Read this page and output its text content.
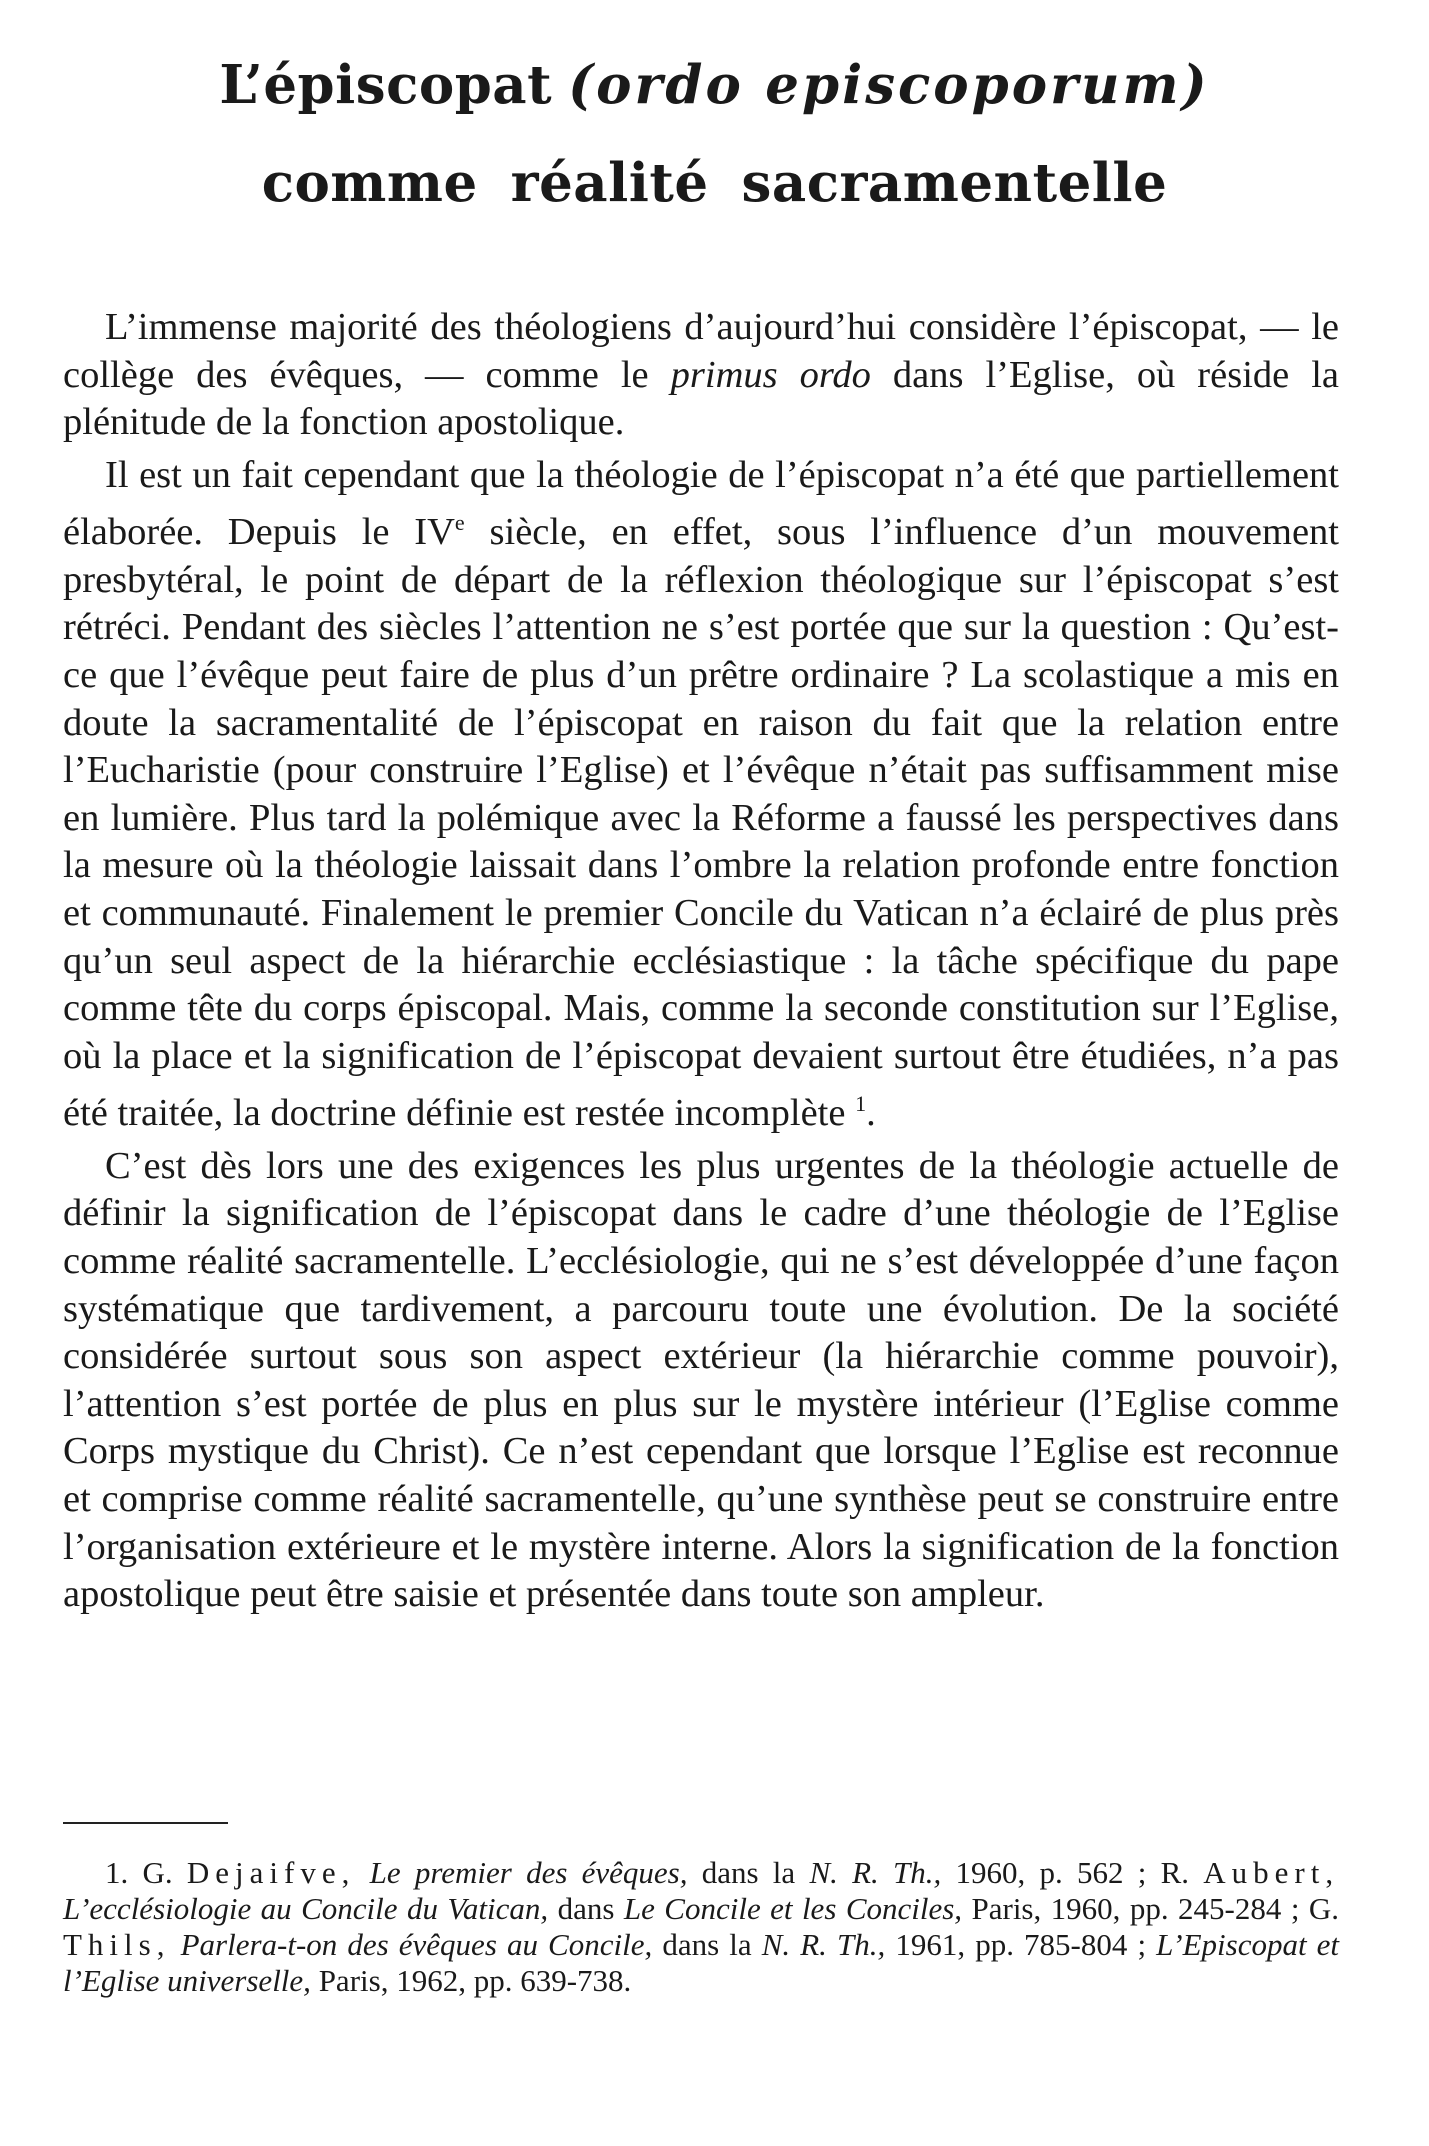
L’épiscopat (ordo episcoporum)
comme réalité sacramentelle

L’immense majorité des théologiens d’aujourd’hui considère l’épiscopat, — le collège des évêques, — comme le primus ordo dans l’Eglise, où réside la plénitude de la fonction apostolique.

Il est un fait cependant que la théologie de l’épiscopat n’a été que partiellement élaborée. Depuis le IVe siècle, en effet, sous l’influence d’un mouvement presbytéral, le point de départ de la réflexion théologique sur l’épiscopat s’est rétréci. Pendant des siècles l’attention ne s’est portée que sur la question : Qu’est-ce que l’évêque peut faire de plus d’un prêtre ordinaire ? La scolastique a mis en doute la sacramentalité de l’épiscopat en raison du fait que la relation entre l’Eucharistie (pour construire l’Eglise) et l’évêque n’était pas suffisamment mise en lumière. Plus tard la polémique avec la Réforme a faussé les perspectives dans la mesure où la théologie laissait dans l’ombre la relation profonde entre fonction et communauté. Finalement le premier Concile du Vatican n’a éclairé de plus près qu’un seul aspect de la hiérarchie ecclésiastique : la tâche spécifique du pape comme tête du corps épiscopal. Mais, comme la seconde constitution sur l’Eglise, où la place et la signification de l’épiscopat devaient surtout être étudiées, n’a pas été traitée, la doctrine définie est restée incomplète $^1$.

C’est dès lors une des exigences les plus urgentes de la théologie actuelle de définir la signification de l’épiscopat dans le cadre d’une théologie de l’Eglise comme réalité sacramentelle. L’ecclésiologie, qui ne s’est développée d’une façon systématique que tardivement, a parcouru toute une évolution. De la société considérée surtout sous son aspect extérieur (la hiérarchie comme pouvoir), l’attention s’est portée de plus en plus sur le mystère intérieur (l’Eglise comme Corps mystique du Christ). Ce n’est cependant que lorsque l’Eglise est reconnue et comprise comme réalité sacramentelle, qu’une synthèse peut se construire entre l’organisation extérieure et le mystère interne. Alors la signification de la fonction apostolique peut être saisie et présentée dans toute son ampleur.

1. G. Dejaifve, Le premier des évêques, dans la N. R. Th., 1960, p. 562 ; R. Aubert, L’ecclésiologie au Concile du Vatican, dans Le Concile et les Conciles, Paris, 1960, pp. 245-284 ; G. Thils, Parlera-t-on des évêques au Concile, dans la N. R. Th., 1961, pp. 785-804 ; L’Episcopat et l’Eglise universelle, Paris, 1962, pp. 639-738.
